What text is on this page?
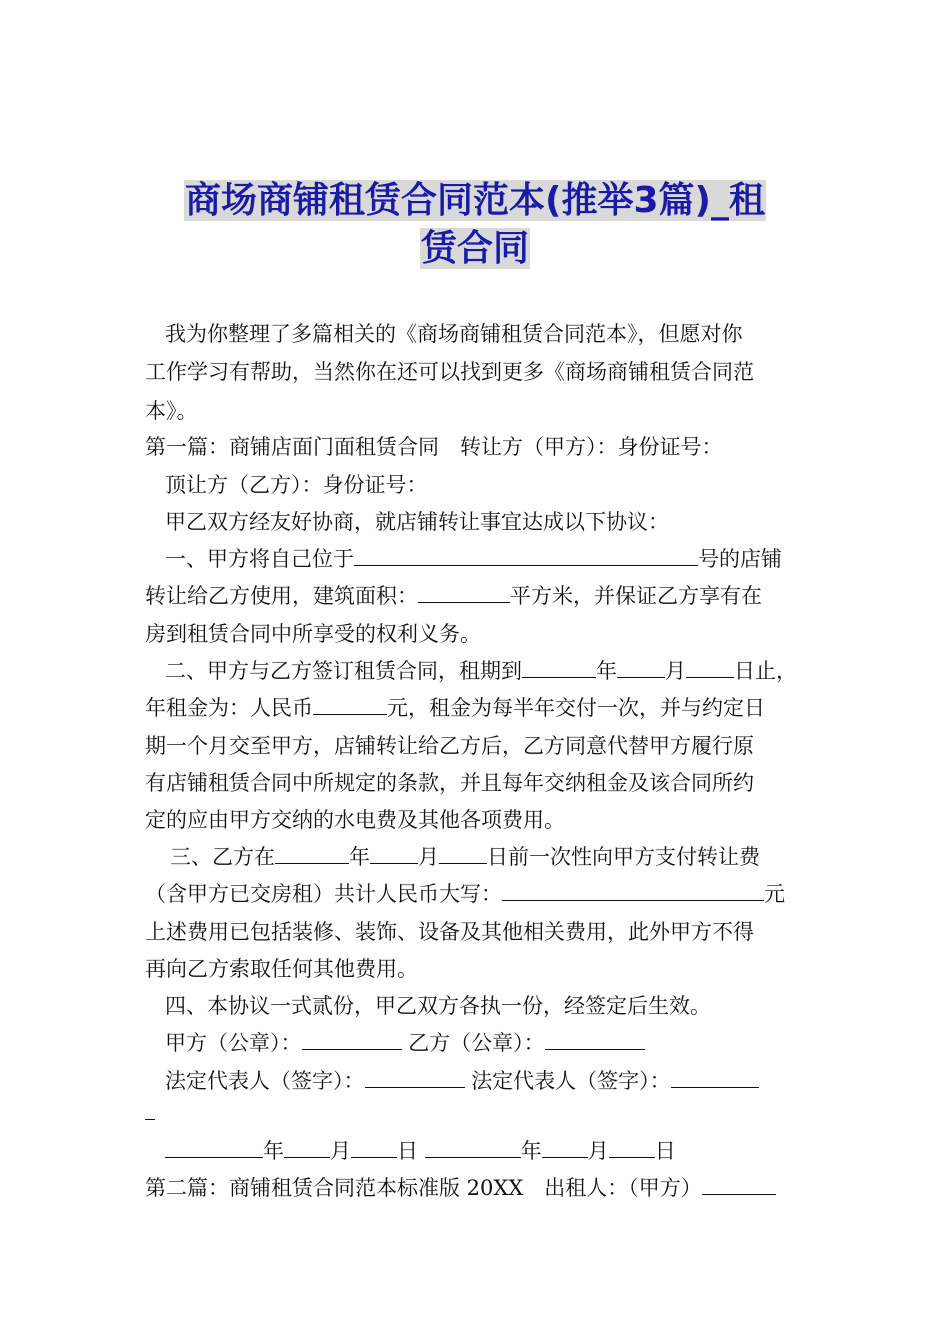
商场商铺租赁合同范本(推举3篇)_租
赁合同
我为你整理了多篇相关的《商场商铺租赁合同范本》，但愿对你
工作学习有帮助，当然你在还可以找到更多《商场商铺租赁合同范
本》。
第一篇：商铺店面门面租赁合同　转让方（甲方）：身份证号：
顶让方（乙方）：身份证号：
甲乙双方经友好协商，就店铺转让事宜达成以下协议：
一、甲方将自己位于	号的店铺
转让给乙方使用，建筑面积：	平方米，并保证乙方享有在
房到租赁合同中所享受的权利义务。
二、甲方与乙方签订租赁合同，租期到	年 月 日止，
年租金为：人民币	元，租金为每半年交付一次，并与约定日
期一个月交至甲方，店铺转让给乙方后，乙方同意代替甲方履行原
有店铺租赁合同中所规定的条款，并且每年交纳租金及该合同所约
定的应由甲方交纳的水电费及其他各项费用。
三、乙方在	年 月 日前一次性向甲方支付转让费
（含甲方已交房租）共计人民币大写：	元
上述费用已包括装修、装饰、设备及其他相关费用，此外甲方不得
再向乙方索取任何其他费用。
四、本协议一式贰份，甲乙双方各执一份，经签定后生效。
甲方（公章）：	乙方（公章）：
法定代表人（签字）：	法定代表人（签字）：
年 月 日	年 月 日
第二篇：商铺租赁合同范本标准版 20XX　出租人：（甲方）
